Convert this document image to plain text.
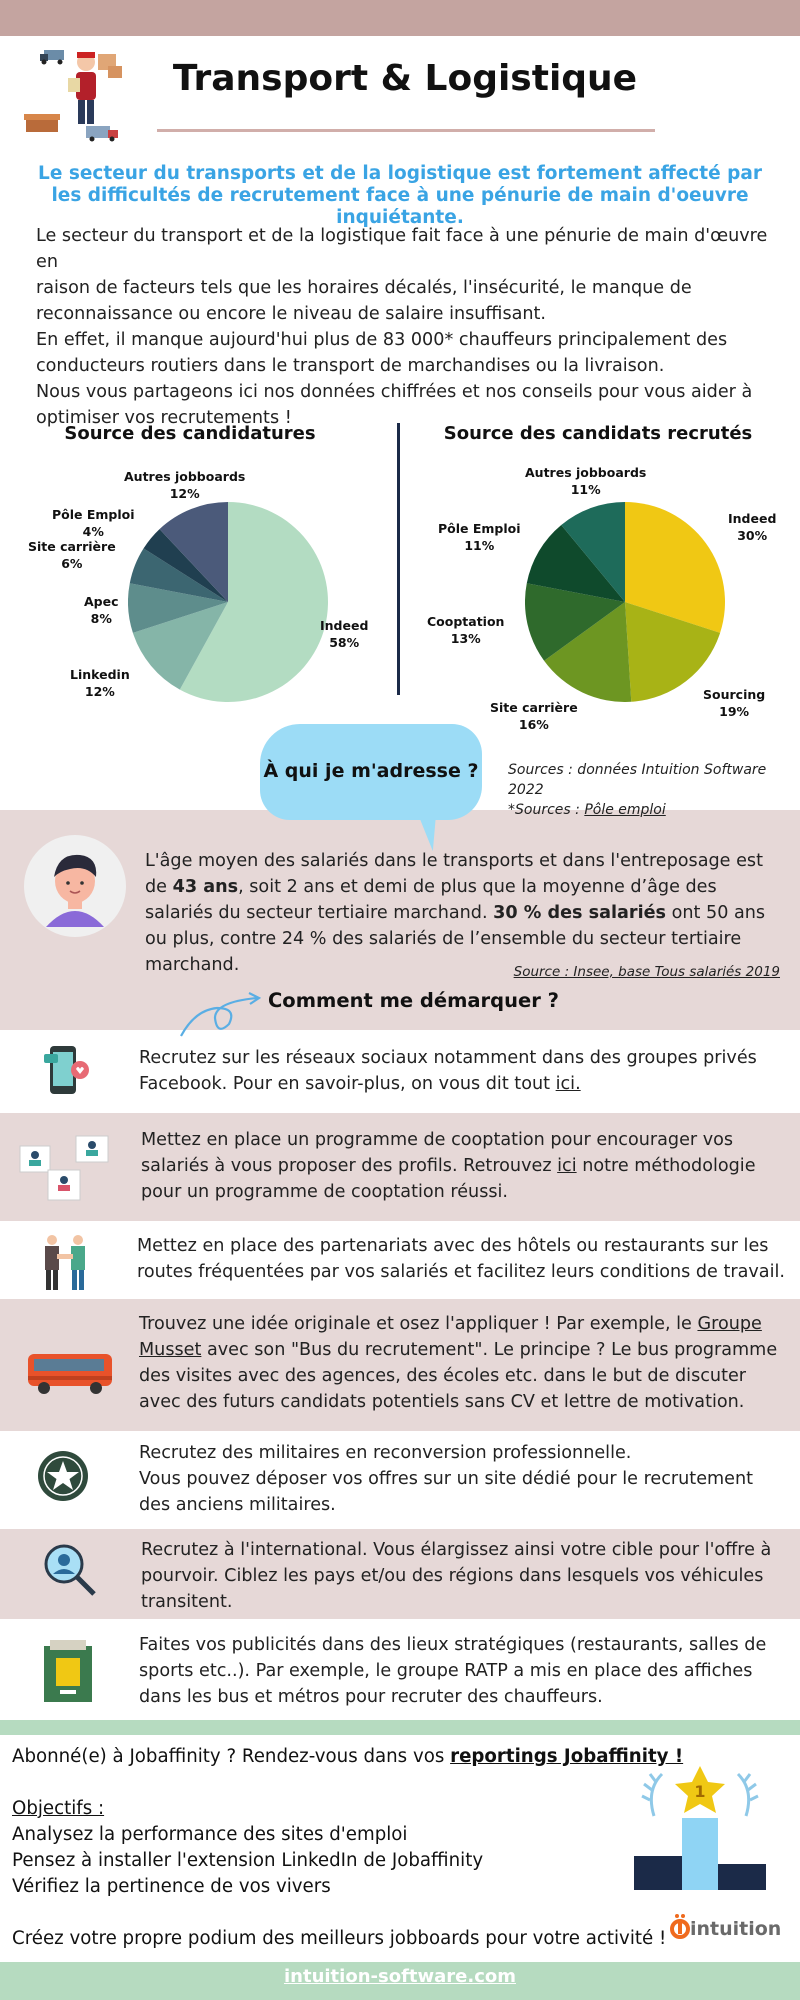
Transport & Logistique
Le secteur du transports et de la logistique est fortement affecté par les difficultés de recrutement face à une pénurie de main d'oeuvre inquiétante.
Le secteur du transport et de la logistique fait face à une pénurie de main d'œuvre en
raison de facteurs tels que les horaires décalés, l'insécurité, le manque de
reconnaissance ou encore le niveau de salaire insuffisant.
En effet, il manque aujourd'hui plus de 83 000* chauffeurs principalement des
conducteurs routiers dans le transport de marchandises ou la livraison.
Nous vous partageons ici nos données chiffrées et nos conseils pour vous aider à
optimiser vos recrutements !
Source des candidatures	Source des candidats recrutés
Indeed
58%
Linkedin
12%
Apec
8%
Site carrière
6%
Pôle Emploi
4%
Autres jobboards
12%
Indeed
30%
Sourcing
19%
Site carrière
16%
Cooptation
13%
Pôle Emploi
11%
Autres jobboards
11%
À qui je m'adresse ? Sources : données Intuition Software 2022
*Sources : Pôle emploi
L'âge moyen des salariés dans le transports et dans l'entreposage est de 43 ans, soit 2 ans et demi de plus que la moyenne d’âge des salariés du secteur tertiaire marchand. 30 % des salariés ont 50 ans ou plus, contre 24 % des salariés de l’ensemble du secteur tertiaire marchand.	Source : Insee, base Tous salariés 2019
Comment me démarquer ?
Recrutez sur les réseaux sociaux notamment dans des groupes privés Facebook. Pour en savoir-plus, on vous dit tout ici.
Mettez en place un programme de cooptation pour encourager vos salariés à vous proposer des profils. Retrouvez ici notre méthodologie pour un programme de cooptation réussi.
Mettez en place des partenariats avec des hôtels ou restaurants sur les routes fréquentées par vos salariés et facilitez leurs conditions de travail.
Trouvez une idée originale et osez l'appliquer ! Par exemple, le Groupe Musset avec son "Bus du recrutement". Le principe ? Le bus programme des visites avec des agences, des écoles etc. dans le but de discuter avec des futurs candidats potentiels sans CV et lettre de motivation.
Recrutez des militaires en reconversion professionnelle.
Vous pouvez déposer vos offres sur un site dédié pour le recrutement des anciens militaires.
Recrutez à l'international. Vous élargissez ainsi votre cible pour l'offre à pourvoir. Ciblez les pays et/ou des régions dans lesquels vos véhicules transitent.
Faites vos publicités dans des lieux stratégiques (restaurants, salles de sports etc..). Par exemple, le groupe RATP a mis en place des affiches dans les bus et métros pour recruter des chauffeurs.
Abonné(e) à Jobaffinity ? Rendez-vous dans vos reportings Jobaffinity !
Objectifs :
Analysez la performance des sites d'emploi
Pensez à installer l'extension LinkedIn de Jobaffinity
Vérifiez la pertinence de vos vivers
Créez votre propre podium des meilleurs jobboards pour votre activité !
1
intuition
intuition-software.com
